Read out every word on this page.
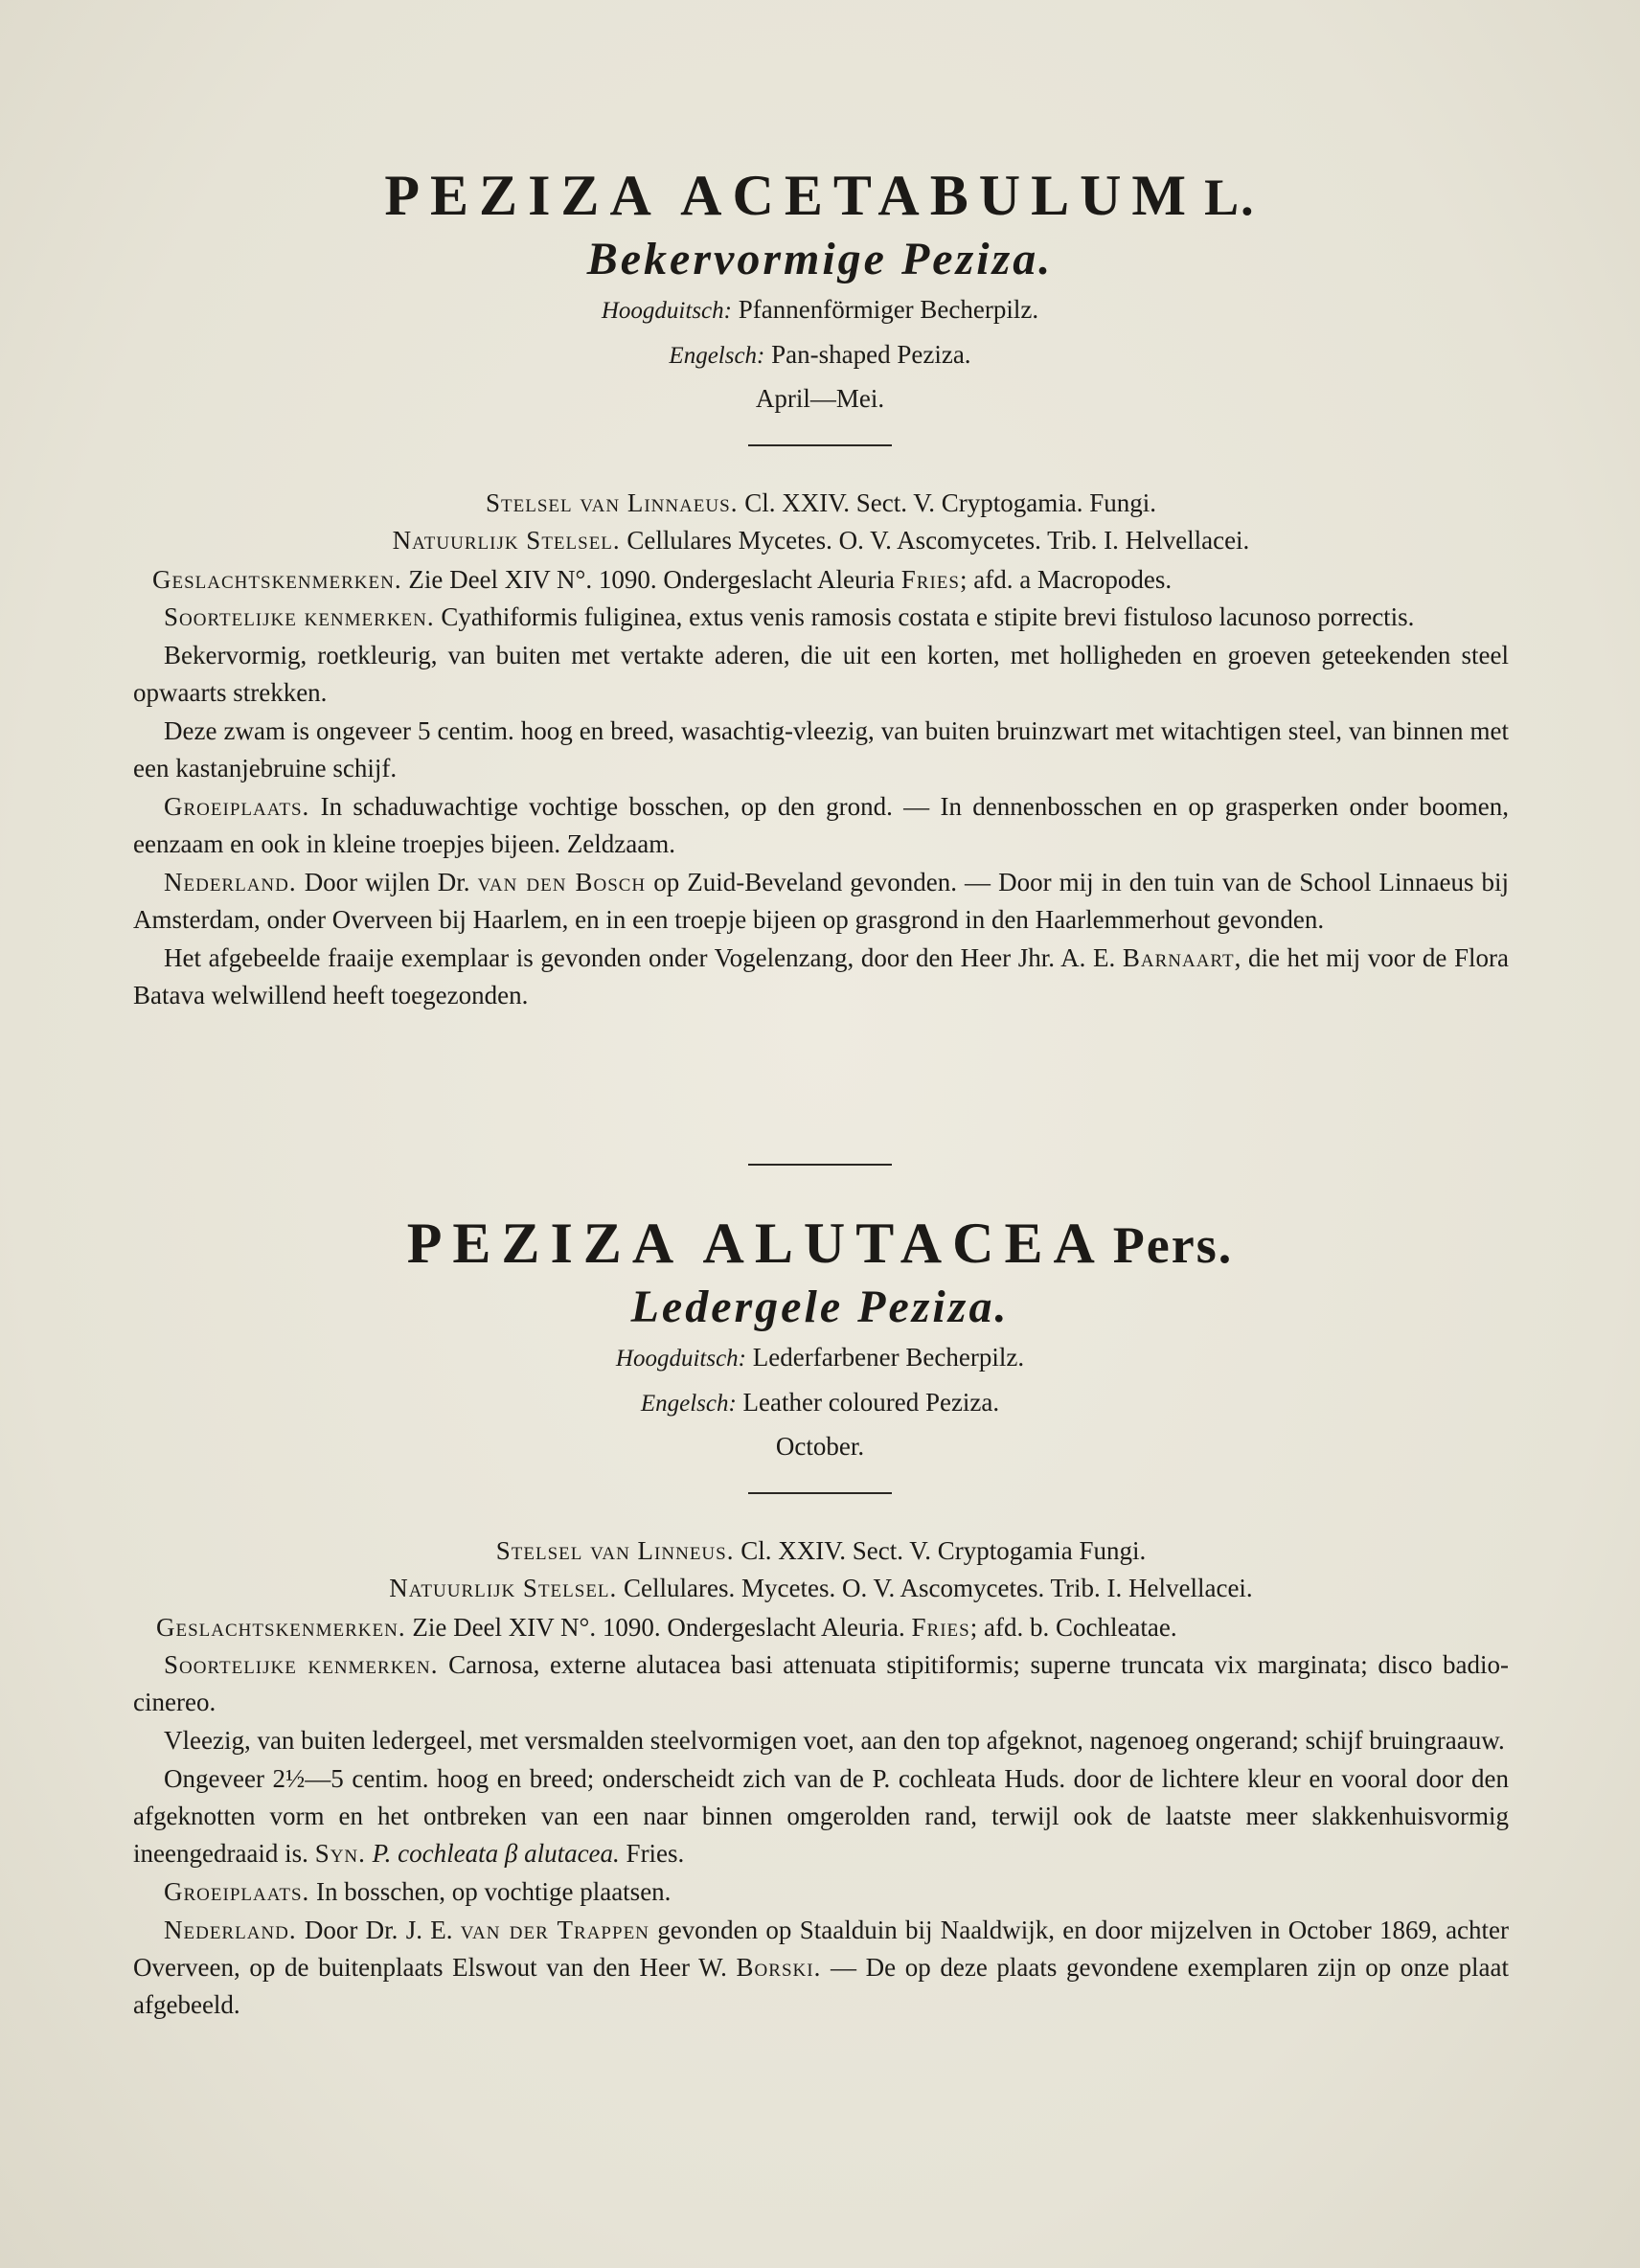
PEZIZA ACETABULUM L.

Bekervormige Peziza.

Hoogduitsch: Pfannenförmiger Becherpilz.

Engelsch: Pan-shaped Peziza.

April—Mei.

Stelsel van Linnaeus. Cl. XXIV. Sect. V. Cryptogamia. Fungi.

Natuurlijk Stelsel. Cellulares Mycetes. O. V. Ascomycetes. Trib. I. Helvellacei.

Geslachtskenmerken. Zie Deel XIV N°. 1090. Ondergeslacht Aleuria Fries; afd. a Macropodes.

Soortelijke kenmerken. Cyathiformis fuliginea, extus venis ramosis costata e stipite brevi fistuloso lacunoso porrectis.

Bekervormig, roetkleurig, van buiten met vertakte aderen, die uit een korten, met holligheden en groeven geteekenden steel opwaarts strekken.

Deze zwam is ongeveer 5 centim. hoog en breed, wasachtig-vleezig, van buiten bruinzwart met witachtigen steel, van binnen met een kastanjebruine schijf.

Groeiplaats. In schaduwachtige vochtige bosschen, op den grond. — In dennenbosschen en op grasperken onder boomen, eenzaam en ook in kleine troepjes bijeen. Zeldzaam.

Nederland. Door wijlen Dr. van den Bosch op Zuid-Beveland gevonden. — Door mij in den tuin van de School Linnaeus bij Amsterdam, onder Overveen bij Haarlem, en in een troepje bijeen op grasgrond in den Haarlemmerhout gevonden.

Het afgebeelde fraaije exemplaar is gevonden onder Vogelenzang, door den Heer Jhr. A. E. Barnaart, die het mij voor de Flora Batava welwillend heeft toegezonden.

PEZIZA ALUTACEA Pers.

Ledergele Peziza.

Hoogduitsch: Lederfarbener Becherpilz.

Engelsch: Leather coloured Peziza.

October.

Stelsel van Linneus. Cl. XXIV. Sect. V. Cryptogamia Fungi.

Natuurlijk Stelsel. Cellulares. Mycetes. O. V. Ascomycetes. Trib. I. Helvellacei.

Geslachtskenmerken. Zie Deel XIV N°. 1090. Ondergeslacht Aleuria. Fries; afd. b. Cochleatae.

Soortelijke kenmerken. Carnosa, externe alutacea basi attenuata stipitiformis; superne truncata vix marginata; disco badio-cinereo.

Vleezig, van buiten ledergeel, met versmalden steelvormigen voet, aan den top afgeknot, nagenoeg ongerand; schijf bruingraauw.

Ongeveer 2½—5 centim. hoog en breed; onderscheidt zich van de P. cochleata Huds. door de lichtere kleur en vooral door den afgeknotten vorm en het ontbreken van een naar binnen omgerolden rand, terwijl ook de laatste meer slakkenhuisvormig ineengedraaid is. Syn. P. cochleata β alutacea. Fries.

Groeiplaats. In bosschen, op vochtige plaatsen.

Nederland. Door Dr. J. E. van der Trappen gevonden op Staalduin bij Naaldwijk, en door mijzelven in October 1869, achter Overveen, op de buitenplaats Elswout van den Heer W. Borski. — De op deze plaats gevondene exemplaren zijn op onze plaat afgebeeld.
